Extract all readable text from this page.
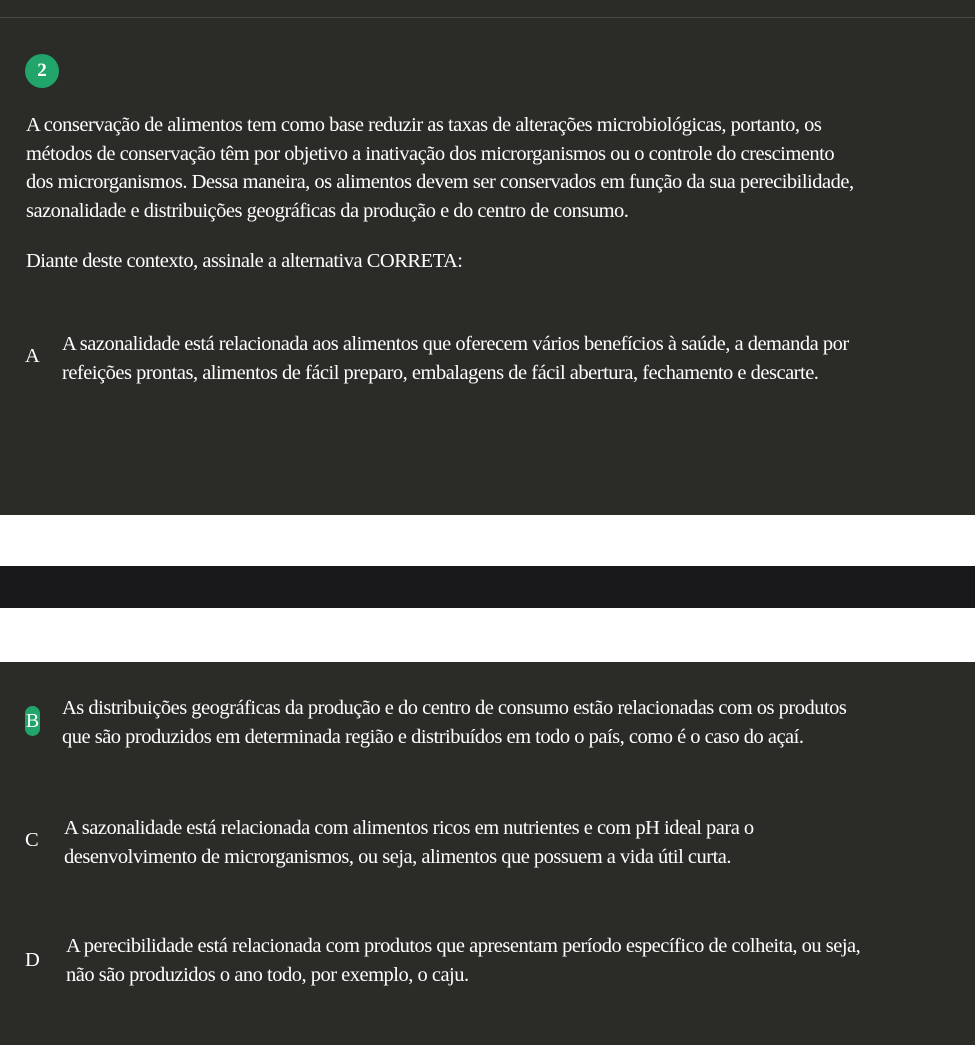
2
A conservação de alimentos tem como base reduzir as taxas de alterações microbiológicas, portanto, os
métodos de conservação têm por objetivo a inativação dos microrganismos ou o controle do crescimento
dos microrganismos. Dessa maneira, os alimentos devem ser conservados em função da sua perecibilidade,
sazonalidade e distribuições geográficas da produção e do centro de consumo.
Diante deste contexto, assinale a alternativa CORRETA:
A
A sazonalidade está relacionada aos alimentos que oferecem vários benefícios à saúde, a demanda por
refeições prontas, alimentos de fácil preparo, embalagens de fácil abertura, fechamento e descarte.
B
As distribuições geográficas da produção e do centro de consumo estão relacionadas com os produtos
que são produzidos em determinada região e distribuídos em todo o país, como é o caso do açaí.
C
A sazonalidade está relacionada com alimentos ricos em nutrientes e com pH ideal para o
desenvolvimento de microrganismos, ou seja, alimentos que possuem a vida útil curta.
D
A perecibilidade está relacionada com produtos que apresentam período específico de colheita, ou seja,
não são produzidos o ano todo, por exemplo, o caju.
